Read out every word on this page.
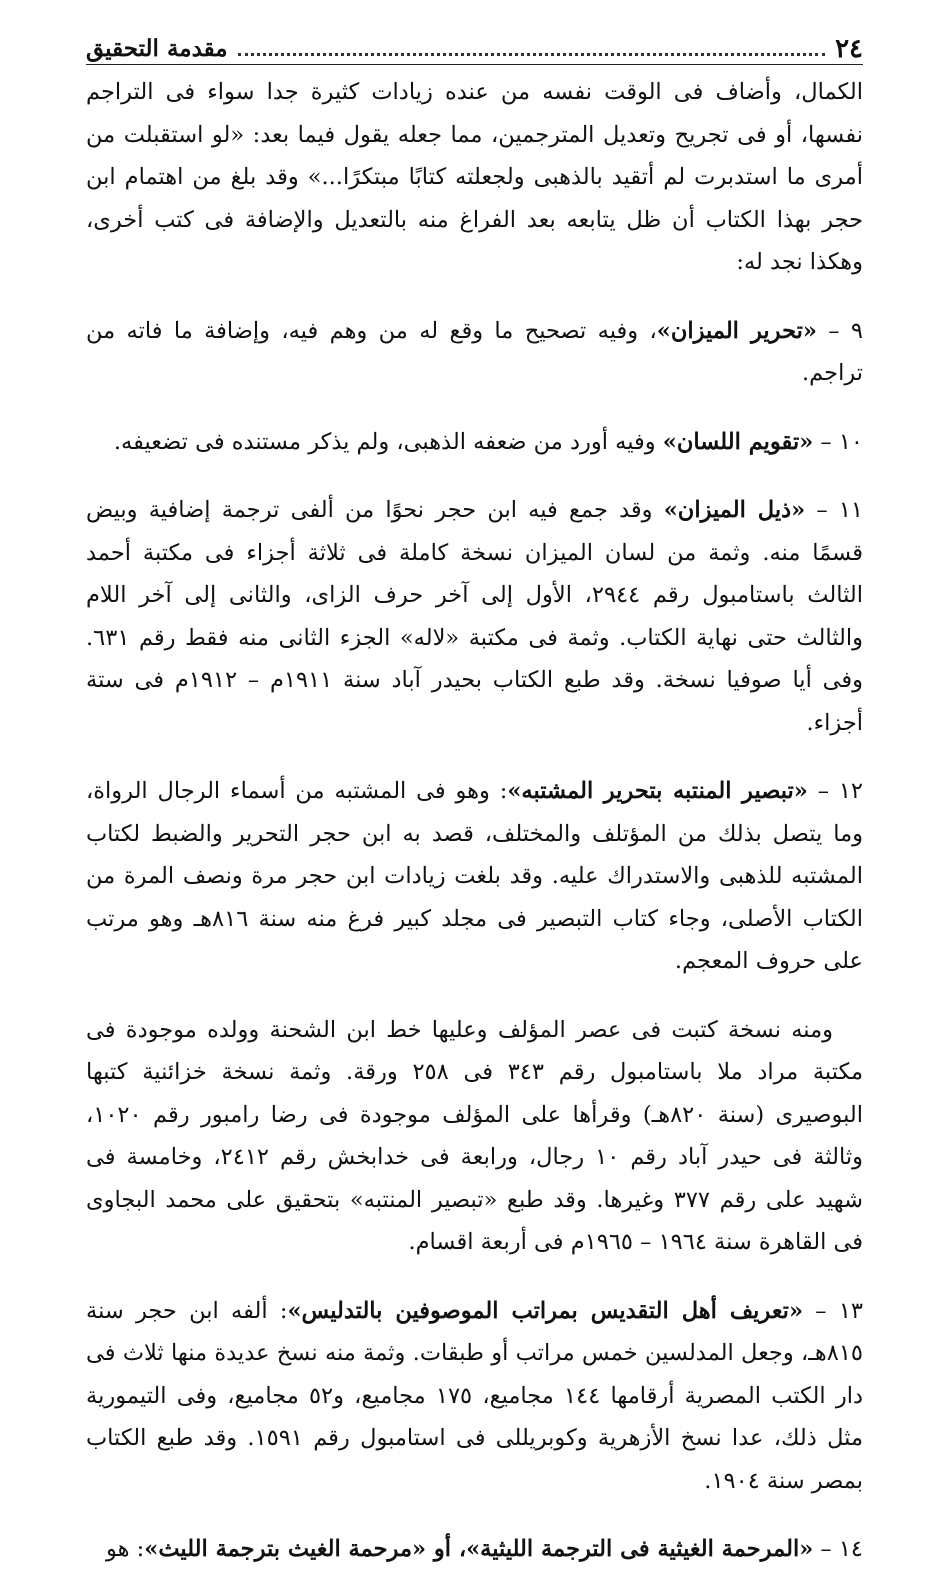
٢٤
مقدمة التحقيق

الكمال، وأضاف فى الوقت نفسه من عنده زيادات كثيرة جدا سواء فى التراجم نفسها، أو فى تجريح وتعديل المترجمين، مما جعله يقول فيما بعد: «لو استقبلت من أمرى ما استدبرت لم أتقيد بالذهبى ولجعلته كتابًا مبتكرًا...» وقد بلغ من اهتمام ابن حجر بهذا الكتاب أن ظل يتابعه بعد الفراغ منه بالتعديل والإضافة فى كتب أخرى، وهكذا نجد له:

٩ – «تحرير الميزان»، وفيه تصحيح ما وقع له من وهم فيه، وإضافة ما فاته من تراجم.

١٠ – «تقويم اللسان» وفيه أورد من ضعفه الذهبى، ولم يذكر مستنده فى تضعيفه.

١١ – «ذيل الميزان» وقد جمع فيه ابن حجر نحوًا من ألفى ترجمة إضافية وبيض قسمًا منه. وثمة من لسان الميزان نسخة كاملة فى ثلاثة أجزاء فى مكتبة أحمد الثالث باستامبول رقم ٢٩٤٤، الأول إلى آخر حرف الزاى، والثانى إلى آخر اللام والثالث حتى نهاية الكتاب. وثمة فى مكتبة «لاله» الجزء الثانى منه فقط رقم ٦٣١. وفى أيا صوفيا نسخة. وقد طبع الكتاب بحيدر آباد سنة ١٩١١م – ١٩١٢م فى ستة أجزاء.

١٢ – «تبصير المنتبه بتحرير المشتبه»: وهو فى المشتبه من أسماء الرجال الرواة، وما يتصل بذلك من المؤتلف والمختلف، قصد به ابن حجر التحرير والضبط لكتاب المشتبه للذهبى والاستدراك عليه. وقد بلغت زيادات ابن حجر مرة ونصف المرة من الكتاب الأصلى، وجاء كتاب التبصير فى مجلد كبير فرغ منه سنة ٨١٦هـ وهو مرتب على حروف المعجم.

ومنه نسخة كتبت فى عصر المؤلف وعليها خط ابن الشحنة وولده موجودة فى مكتبة مراد ملا باستامبول رقم ٣٤٣ فى ٢٥٨ ورقة. وثمة نسخة خزائنية كتبها البوصيرى (سنة ٨٢٠هـ) وقرأها على المؤلف موجودة فى رضا رامبور رقم ١٠٢٠، وثالثة فى حيدر آباد رقم ١٠ رجال، ورابعة فى خدابخش رقم ٢٤١٢، وخامسة فى شهيد على رقم ٣٧٧ وغيرها. وقد طبع «تبصير المنتبه» بتحقيق على محمد البجاوى فى القاهرة سنة ١٩٦٤ – ١٩٦٥م فى أربعة اقسام.

١٣ – «تعريف أهل التقديس بمراتب الموصوفين بالتدليس»: ألفه ابن حجر سنة ٨١٥هـ، وجعل المدلسين خمس مراتب أو طبقات. وثمة منه نسخ عديدة منها ثلاث فى دار الكتب المصرية أرقامها ١٤٤ مجاميع، ١٧٥ مجاميع، و٥٢ مجاميع، وفى التيمورية مثل ذلك، عدا نسخ الأزهرية وكوبريللى فى استامبول رقم ١٥٩١. وقد طبع الكتاب بمصر سنة ١٩٠٤.

١٤ – «المرحمة الغيثية فى الترجمة الليثية»، أو «مرحمة الغيث بترجمة الليث»: هو
